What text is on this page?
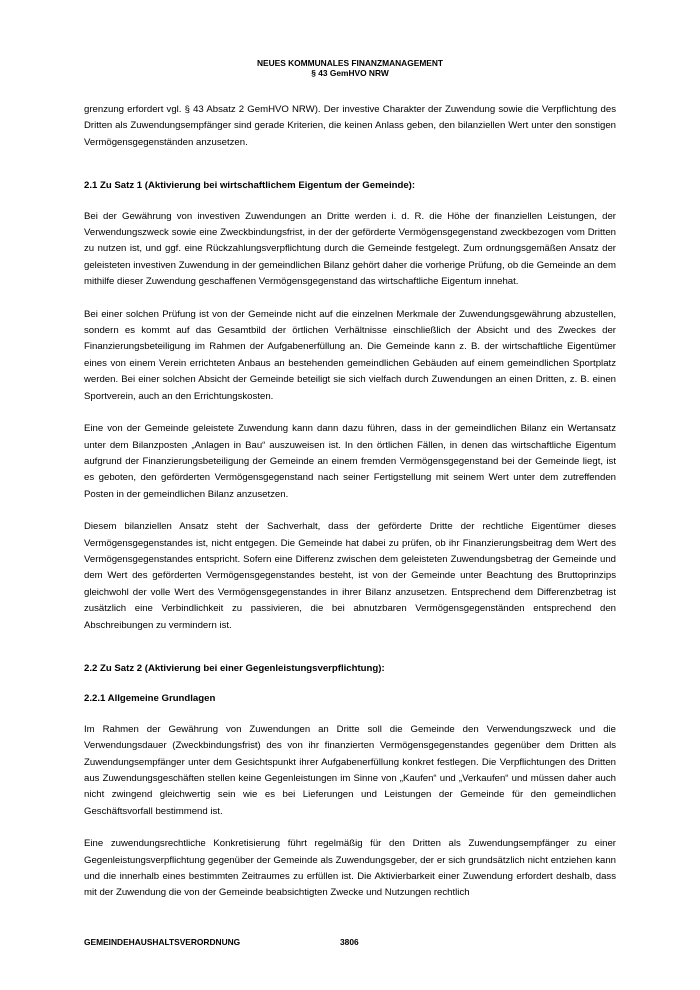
NEUES KOMMUNALES FINANZMANAGEMENT
§ 43 GemHVO NRW

grenzung erfordert vgl. § 43 Absatz 2 GemHVO NRW). Der investive Charakter der Zuwendung sowie die Verpflichtung des Dritten als Zuwendungsempfänger sind gerade Kriterien, die keinen Anlass geben, den bilanziellen Wert unter den sonstigen Vermögensgegenständen anzusetzen.

2.1 Zu Satz 1 (Aktivierung bei wirtschaftlichem Eigentum der Gemeinde):

Bei der Gewährung von investiven Zuwendungen an Dritte werden i. d. R. die Höhe der finanziellen Leistungen, der Verwendungszweck sowie eine Zweckbindungsfrist, in der der geförderte Vermögensgegenstand zweckbezogen vom Dritten zu nutzen ist, und ggf. eine Rückzahlungsverpflichtung durch die Gemeinde festgelegt. Zum ordnungsgemäßen Ansatz der geleisteten investiven Zuwendung in der gemeindlichen Bilanz gehört daher die vorherige Prüfung, ob die Gemeinde an dem mithilfe dieser Zuwendung geschaffenen Vermögensgegenstand das wirtschaftliche Eigentum innehat.

Bei einer solchen Prüfung ist von der Gemeinde nicht auf die einzelnen Merkmale der Zuwendungsgewährung abzustellen, sondern es kommt auf das Gesamtbild der örtlichen Verhältnisse einschließlich der Absicht und des Zweckes der Finanzierungsbeteiligung im Rahmen der Aufgabenerfüllung an. Die Gemeinde kann z. B. der wirtschaftliche Eigentümer eines von einem Verein errichteten Anbaus an bestehenden gemeindlichen Gebäuden auf einem gemeindlichen Sportplatz werden. Bei einer solchen Absicht der Gemeinde beteiligt sie sich vielfach durch Zuwendungen an einen Dritten, z. B. einen Sportverein, auch an den Errichtungskosten.

Eine von der Gemeinde geleistete Zuwendung kann dann dazu führen, dass in der gemeindlichen Bilanz ein Wertansatz unter dem Bilanzposten „Anlagen in Bau“ auszuweisen ist. In den örtlichen Fällen, in denen das wirtschaftliche Eigentum aufgrund der Finanzierungsbeteiligung der Gemeinde an einem fremden Vermögensgegenstand bei der Gemeinde liegt, ist es geboten, den geförderten Vermögensgegenstand nach seiner Fertigstellung mit seinem Wert unter dem zutreffenden Posten in der gemeindlichen Bilanz anzusetzen.

Diesem bilanziellen Ansatz steht der Sachverhalt, dass der geförderte Dritte der rechtliche Eigentümer dieses Vermögensgegenstandes ist, nicht entgegen. Die Gemeinde hat dabei zu prüfen, ob ihr Finanzierungsbeitrag dem Wert des Vermögensgegenstandes entspricht. Sofern eine Differenz zwischen dem geleisteten Zuwendungsbetrag der Gemeinde und dem Wert des geförderten Vermögensgegenstandes besteht, ist von der Gemeinde unter Beachtung des Bruttoprinzips gleichwohl der volle Wert des Vermögensgegenstandes in ihrer Bilanz anzusetzen. Entsprechend dem Differenzbetrag ist zusätzlich eine Verbindlichkeit zu passivieren, die bei abnutzbaren Vermögensgegenständen entsprechend den Abschreibungen zu vermindern ist.

2.2 Zu Satz 2 (Aktivierung bei einer Gegenleistungsverpflichtung):

2.2.1 Allgemeine Grundlagen

Im Rahmen der Gewährung von Zuwendungen an Dritte soll die Gemeinde den Verwendungszweck und die Verwendungsdauer (Zweckbindungsfrist) des von ihr finanzierten Vermögensgegenstandes gegenüber dem Dritten als Zuwendungsempfänger unter dem Gesichtspunkt ihrer Aufgabenerfüllung konkret festlegen. Die Verpflichtungen des Dritten aus Zuwendungsgeschäften stellen keine Gegenleistungen im Sinne von „Kaufen“ und „Verkaufen“ und müssen daher auch nicht zwingend gleichwertig sein wie es bei Lieferungen und Leistungen der Gemeinde für den gemeindlichen Geschäftsvorfall bestimmend ist.

Eine zuwendungsrechtliche Konkretisierung führt regelmäßig für den Dritten als Zuwendungsempfänger zu einer Gegenleistungsverpflichtung gegenüber der Gemeinde als Zuwendungsgeber, der er sich grundsätzlich nicht entziehen kann und die innerhalb eines bestimmten Zeitraumes zu erfüllen ist. Die Aktivierbarkeit einer Zuwendung erfordert deshalb, dass mit der Zuwendung die von der Gemeinde beabsichtigten Zwecke und Nutzungen rechtlich

GEMEINDEHAUSHALTSVERORDNUNG	3806
